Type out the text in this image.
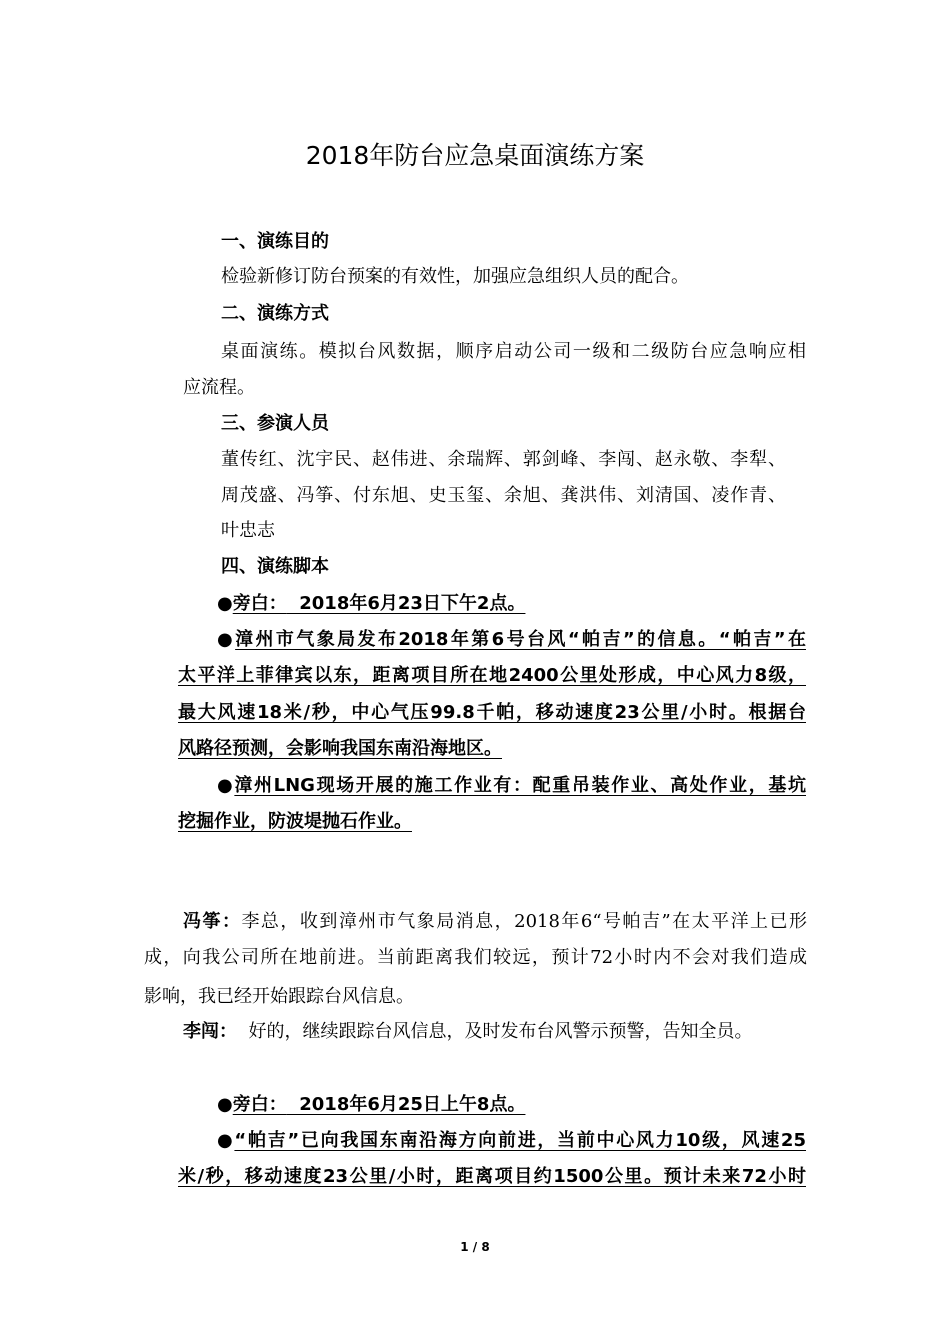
2018年防台应急桌面演练方案
一、演练目的
检验新修订防台预案的有效性，加强应急组织人员的配合。
二、演练方式
桌面演练。模拟台风数据，顺序启动公司一级和二级防台应急响应相
应流程。
三、参演人员
董传红、沈宇民、赵伟进、余瑞辉、郭剑峰、李闯、赵永敬、李犁、
周茂盛、冯筝、付东旭、史玉玺、余旭、龚洪伟、刘清国、凌作青、
叶忠志
四、演练脚本
●旁白：  2018年6月23日下午2点。
●漳州市气象局发布2018年第6号台风“帕吉”的信息。“帕吉”在
太平洋上菲律宾以东，距离项目所在地2400公里处形成，中心风力8级，
最大风速18米/秒，中心气压99.8千帕，移动速度23公里/小时。根据台
风路径预测，会影响我国东南沿海地区。
●漳州LNG现场开展的施工作业有：配重吊装作业、高处作业，基坑
挖掘作业，防波堤抛石作业。
冯筝：李总，收到漳州市气象局消息，2018年6“号帕吉”在太平洋上已形
成，向我公司所在地前进。当前距离我们较远，预计72小时内不会对我们造成
影响，我已经开始跟踪台风信息。
李闯：  好的，继续跟踪台风信息，及时发布台风警示预警，告知全员。
●旁白：  2018年6月25日上午8点。
●“帕吉”已向我国东南沿海方向前进，当前中心风力10级，风速25
米/秒，移动速度23公里/小时，距离项目约1500公里。预计未来72小时
1 / 8
